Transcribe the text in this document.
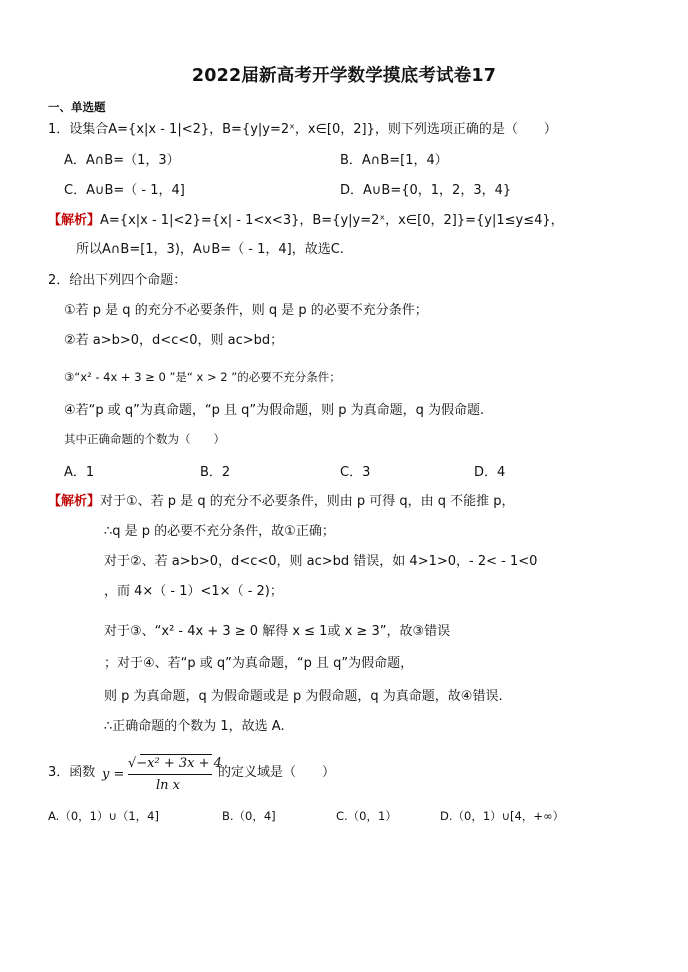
2022届新高考开学数学摸底考试卷17
一、单选题
1．设集合A={x|x - 1|<2}，B={y|y=2ˣ，x∈[0，2]}，则下列选项正确的是（　　）
A．A∩B=（1，3）	B．A∩B=[1，4）
C．A∪B=（ - 1，4]	D．A∪B={0，1，2，3，4}
【解析】A={x|x - 1|<2}={x| - 1<x<3}，B={y|y=2ˣ，x∈[0，2]}={y|1≤y≤4}，
所以A∩B=[1，3)，A∪B=（ - 1，4]，故选C.
2．给出下列四个命题：
①若 p 是 q 的充分不必要条件，则 q 是 p 的必要不充分条件；
②若 a>b>0，d<c<0，则 ac>bd；
③“x² - 4x + 3 ≥ 0 ”是“ x > 2 ”的必要不充分条件；
④若“p 或 q”为真命题，“p 且 q”为假命题，则 p 为真命题，q 为假命题.
其中正确命题的个数为（　　）
A．1	B．2	C．3	D．4
【解析】对于①、若 p 是 q 的充分不必要条件，则由 p 可得 q，由 q 不能推 p，
∴q 是 p 的必要不充分条件，故①正确；
对于②、若 a>b>0，d<c<0，则 ac>bd 错误，如 4>1>0，- 2< - 1<0
，而 4×（ - 1）<1×（ - 2)；
对于③、“x² - 4x + 3 ≥ 0 解得 x ≤ 1或 x ≥ 3”，故③错误
；对于④、若“p 或 q”为真命题，“p 且 q”为假命题，
则 p 为真命题，q 为假命题或是 p 为假命题，q 为真命题，故④错误.
∴正确命题的个数为 1，故选 A.
3．函数 y =
√−x² + 3x + 4
ln x
的定义域是（　　）
A.（0，1）∪（1，4]	B.（0，4]	C.（0，1）	D.（0，1）∪[4，+∞）
